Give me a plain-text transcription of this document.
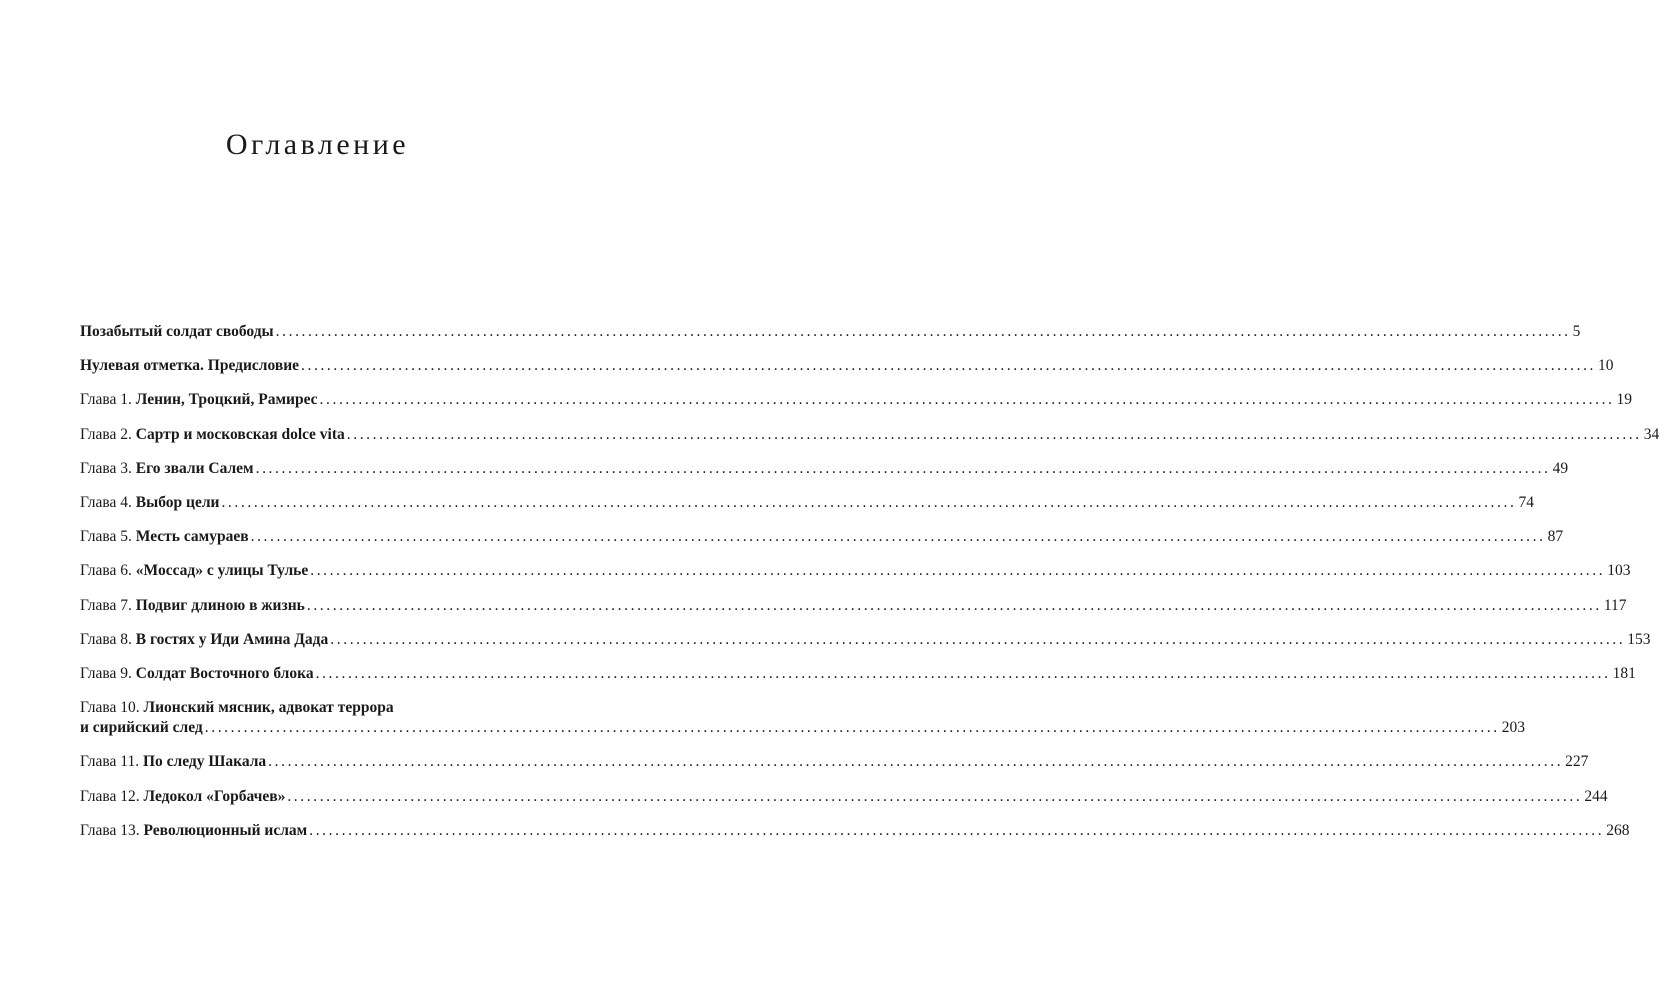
Оглавление
Позабытый солдат свободы ........................................................................................................................................................................................................ 5
Нулевая отметка. Предисловие ........................................................................................................................................................................................................ 10
Глава 1.
Ленин, Троцкий, Рамирес ........................................................................................................................................................................................................ 19
Глава 2.
Сартр и московская dolce vita ........................................................................................................................................................................................................ 34
Глава 3.
Его звали Салем ........................................................................................................................................................................................................ 49
Глава 4.
Выбор цели ........................................................................................................................................................................................................ 74
Глава 5.
Месть самураев ........................................................................................................................................................................................................ 87
Глава 6.
«Моссад» с улицы Тулье ........................................................................................................................................................................................................ 103
Глава 7.
Подвиг длиною в жизнь ........................................................................................................................................................................................................ 117
Глава 8.
В гостях у Иди Амина Дада ........................................................................................................................................................................................................ 153
Глава 9.
Солдат Восточного блока ........................................................................................................................................................................................................ 181
Глава 10.
Лионский мясник, адвокат террора
и сирийский след ........................................................................................................................................................................................................ 203
Глава 11.
По следу Шакала ........................................................................................................................................................................................................ 227
Глава 12.
Ледокол «Горбачев» ........................................................................................................................................................................................................ 244
Глава 13.
Революционный ислам ........................................................................................................................................................................................................ 268
